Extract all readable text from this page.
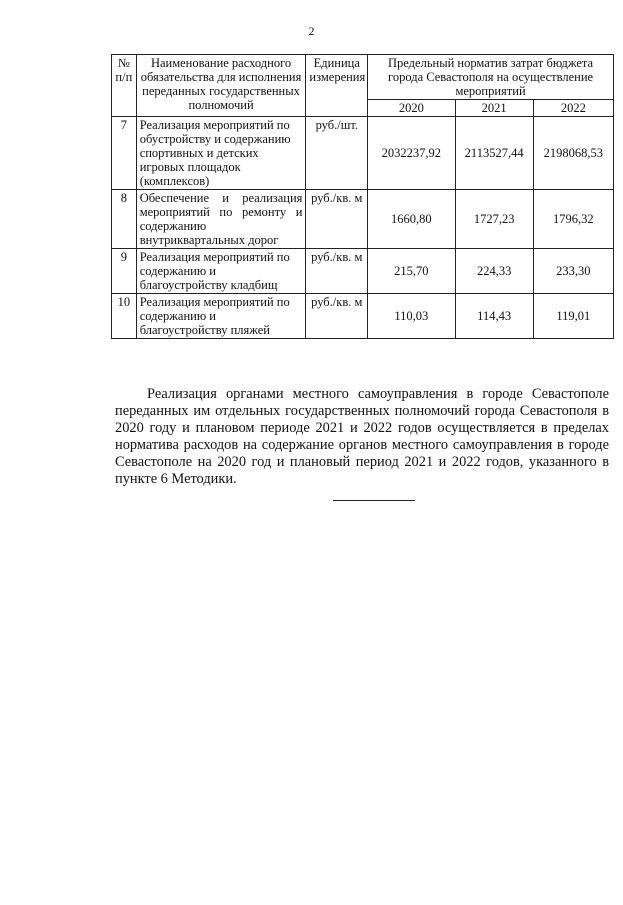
2
№ п/п	Наименование расходного обязательства для исполнения переданных государственных полномочий	Единица измерения	Предельный норматив затрат бюджета города Севастополя на осуществление мероприятий		
			2020	2021	2022
7	Реализация мероприятий по обустройству и содержанию спортивных и детских игровых площадок (комплексов)	руб./шт.	2032237,92	2113527,44	2198068,53
8	Обеспечение и реализация мероприятий по ремонту и содержанию внутриквартальных дорог	руб./кв. м	1660,80	1727,23	1796,32
9	Реализация мероприятий по содержанию и благоустройству кладбищ	руб./кв. м	215,70	224,33	233,30
10	Реализация мероприятий по содержанию и благоустройству пляжей	руб./кв. м	110,03	114,43	119,01

Реализация органами местного самоуправления в городе Севастополе переданных им отдельных государственных полномочий города Севастополя в 2020 году и плановом периоде 2021 и 2022 годов осуществляется в пределах норматива расходов на содержание органов местного самоуправления в городе Севастополе на 2020 год и плановый период 2021 и 2022 годов, указанного в пункте 6 Методики.
